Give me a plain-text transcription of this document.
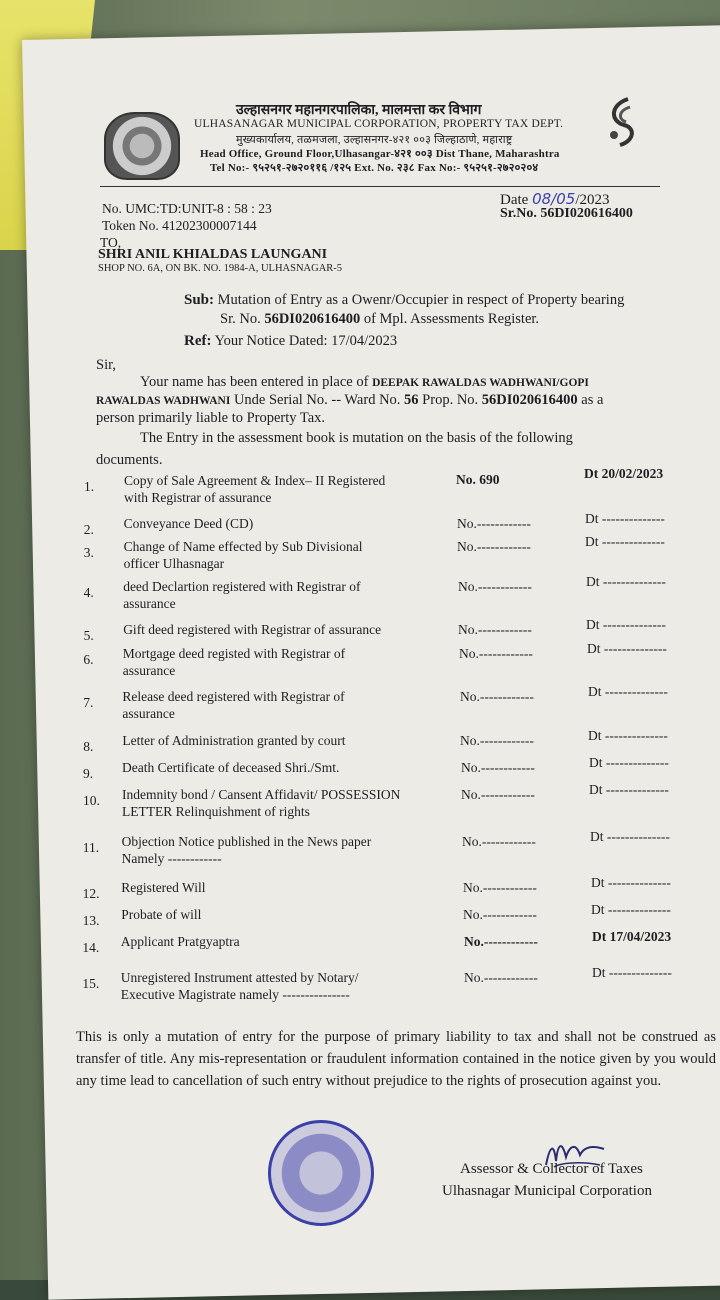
उल्हासनगर महानगरपालिका, मालमत्ता कर विभाग
ULHASANAGAR MUNICIPAL CORPORATION, PROPERTY TAX DEPT.
मुख्यकार्यालय, तळमजला, उल्हासनगर-४२१ ००३ जिल्हाठाणे, महाराष्ट्र
Head Office, Ground Floor,Ulhasangar-४२१ ००३ Dist Thane, Maharashtra
Tel No:- ९५२५१-२७२०११६ /१२५ Ext. No. २३८ Fax No:- ९५२५१-२७२०२०४
No. UMC:TD:UNIT-8 : 58 : 23
Token No. 41202300007144
Date 08/05/2023
Sr.No. 56DI020616400
TO,
SHRI ANIL KHIALDAS LAUNGANI
SHOP NO. 6A, ON BK. NO. 1984-A, ULHASNAGAR-5
Sub: Mutation of Entry as a Owenr/Occupier in respect of Property bearing
Sr. No. 56DI020616400 of Mpl. Assessments Register.
Ref: Your Notice Dated: 17/04/2023
Sir,
Your name has been entered in place of DEEPAK RAWALDAS WADHWANI/GOPI
RAWALDAS WADHWANI Unde Serial No. -- Ward No. 56 Prop. No. 56DI020616400 as a
person primarily liable to Property Tax.
The Entry in the assessment book is mutation on the basis of the following
documents.
1. Copy of Sale Agreement & Index– II Registered
with Registrar of assurance
No. 690	Dt 20/02/2023
2. Conveyance Deed (CD)	No.------------	Dt --------------
3. Change of Name effected by Sub Divisional
officer Ulhasnagar
No.------------	Dt --------------
4. deed Declartion registered with Registrar of
assurance
No.------------	Dt --------------
5. Gift deed registered with Registrar of assurance	No.------------	Dt --------------
6. Mortgage deed registed with Registrar of
assurance
No.------------	Dt --------------
7. Release deed registered with Registrar of
assurance
No.------------	Dt --------------
8. Letter of Administration granted by court	No.------------	Dt --------------
9. Death Certificate of deceased Shri./Smt.	No.------------	Dt --------------
10. Indemnity bond / Cansent Affidavit/ POSSESSION
LETTER Relinquishment of rights
No.------------	Dt --------------
11. Objection Notice published in the News paper
Namely ------------
No.------------	Dt --------------
12. Registered Will	No.------------	Dt --------------
13. Probate of will	No.------------	Dt --------------
14. Applicant Pratgyaptra	No.------------	Dt 17/04/2023
15. Unregistered Instrument attested by Notary/
Executive Magistrate namely ---------------
No.------------	Dt --------------
This is only a mutation of entry for the purpose of primary liability to tax and shall not be construed as transfer of title. Any mis-representation or fraudulent information contained in the notice given by you would any time lead to cancellation of such entry without prejudice to the rights of prosecution against you.
Assessor & Collector of Taxes
Ulhasnagar Municipal Corporation
